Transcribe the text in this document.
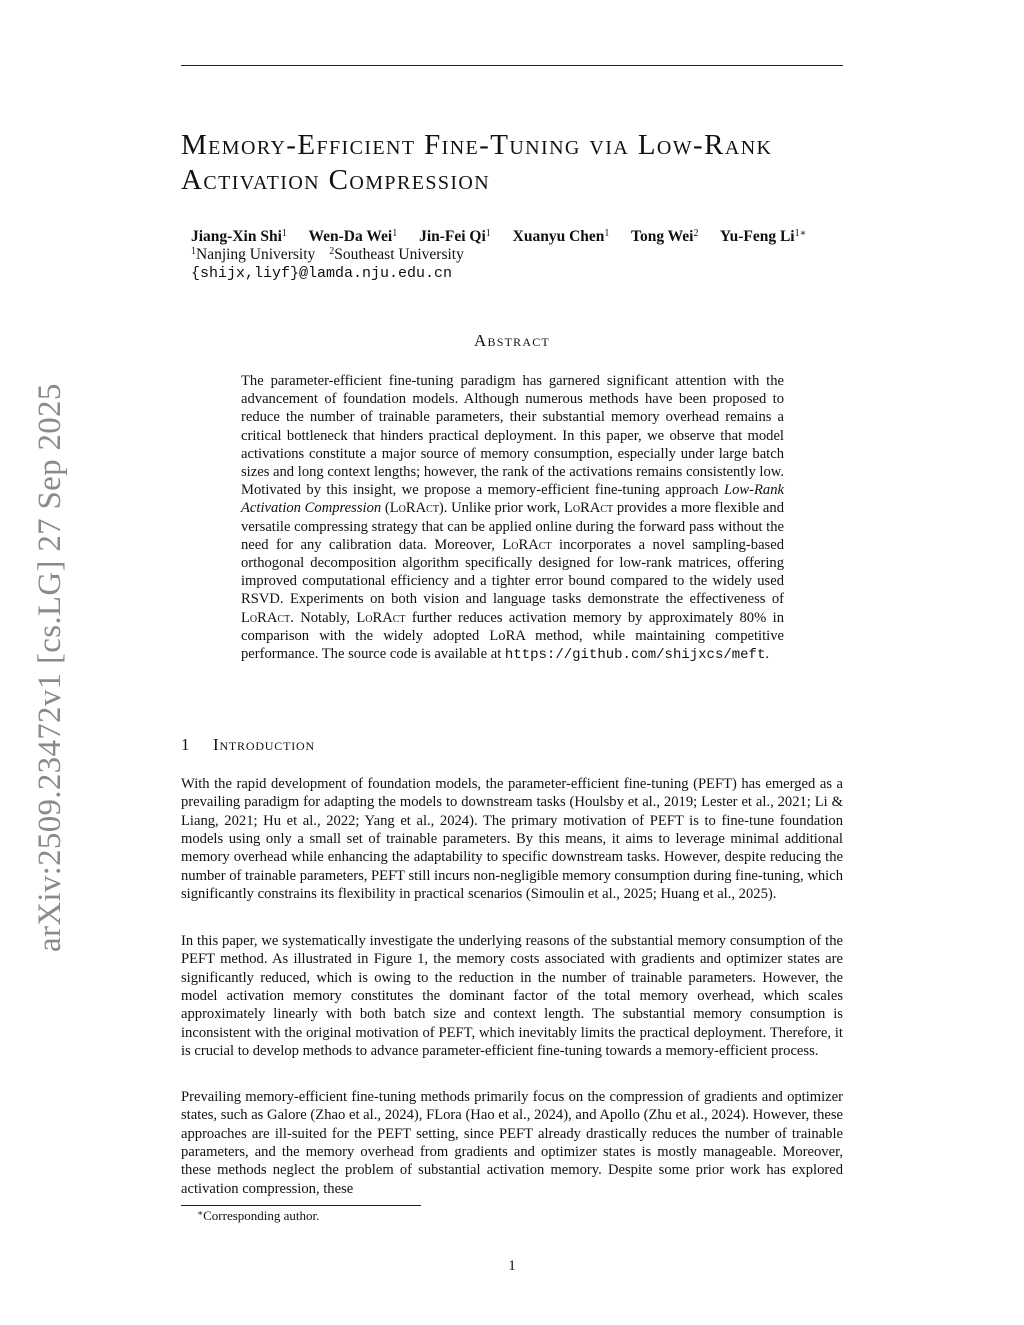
arXiv:2509.23472v1 [cs.LG] 27 Sep 2025
Memory-Efficient Fine-Tuning via Low-Rank
Activation Compression
Jiang-Xin Shi$^1$ Wen-Da Wei$^1$ Jin-Fei Qi$^1$ Xuanyu Chen$^1$ Tong Wei$^2$ Yu-Feng $Li^{1∗}$
$^1$Nanjing University $^2$Southeast University
{shijx,liyf}@lamda.nju.edu.cn
Abstract

The parameter-efficient fine-tuning paradigm has garnered significant attention with the advancement of foundation models. Although numerous methods have been proposed to reduce the number of trainable parameters, their substantial memory overhead remains a critical bottleneck that hinders practical deployment. In this paper, we observe that model activations constitute a major source of memory consumption, especially under large batch sizes and long context lengths; however, the rank of the activations remains consistently low. Motivated by this insight, we propose a memory-efficient fine-tuning approach Low-Rank Activation Compression (LoRAct). Unlike prior work, LoRAct provides a more flexible and versatile compressing strategy that can be applied online during the forward pass without the need for any calibration data. Moreover, LoRAct incorporates a novel sampling-based orthogonal decomposition algorithm specifically designed for low-rank matrices, offering improved computational efficiency and a tighter error bound compared to the widely used RSVD. Experiments on both vision and language tasks demonstrate the effectiveness of LoRAct. Notably, LoRAct further reduces activation memory by approximately 80% in comparison with the widely adopted LoRA method, while maintaining competitive performance. The source code is available at https://github.com/shijxcs/meft.

1 Introduction

With the rapid development of foundation models, the parameter-efficient fine-tuning (PEFT) has emerged as a prevailing paradigm for adapting the models to downstream tasks (Houlsby et al., 2019; Lester et al., 2021; Li & Liang, 2021; Hu et al., 2022; Yang et al., 2024). The primary motivation of PEFT is to fine-tune foundation models using only a small set of trainable parameters. By this means, it aims to leverage minimal additional memory overhead while enhancing the adaptability to specific downstream tasks. However, despite reducing the number of trainable parameters, PEFT still incurs non-negligible memory consumption during fine-tuning, which significantly constrains its flexibility in practical scenarios (Simoulin et al., 2025; Huang et al., 2025).

In this paper, we systematically investigate the underlying reasons of the substantial memory consumption of the PEFT method. As illustrated in Figure 1, the memory costs associated with gradients and optimizer states are significantly reduced, which is owing to the reduction in the number of trainable parameters. However, the model activation memory constitutes the dominant factor of the total memory overhead, which scales approximately linearly with both batch size and context length. The substantial memory consumption is inconsistent with the original motivation of PEFT, which inevitably limits the practical deployment. Therefore, it is crucial to develop methods to advance parameter-efficient fine-tuning towards a memory-efficient process.

Prevailing memory-efficient fine-tuning methods primarily focus on the compression of gradients and optimizer states, such as Galore (Zhao et al., 2024), FLora (Hao et al., 2024), and Apollo (Zhu et al., 2024). However, these approaches are ill-suited for the PEFT setting, since PEFT already drastically reduces the number of trainable parameters, and the memory overhead from gradients and optimizer states is mostly manageable. Moreover, these methods neglect the problem of substantial activation memory. Despite some prior work has explored activation compression, these

∗Corresponding author.
1
